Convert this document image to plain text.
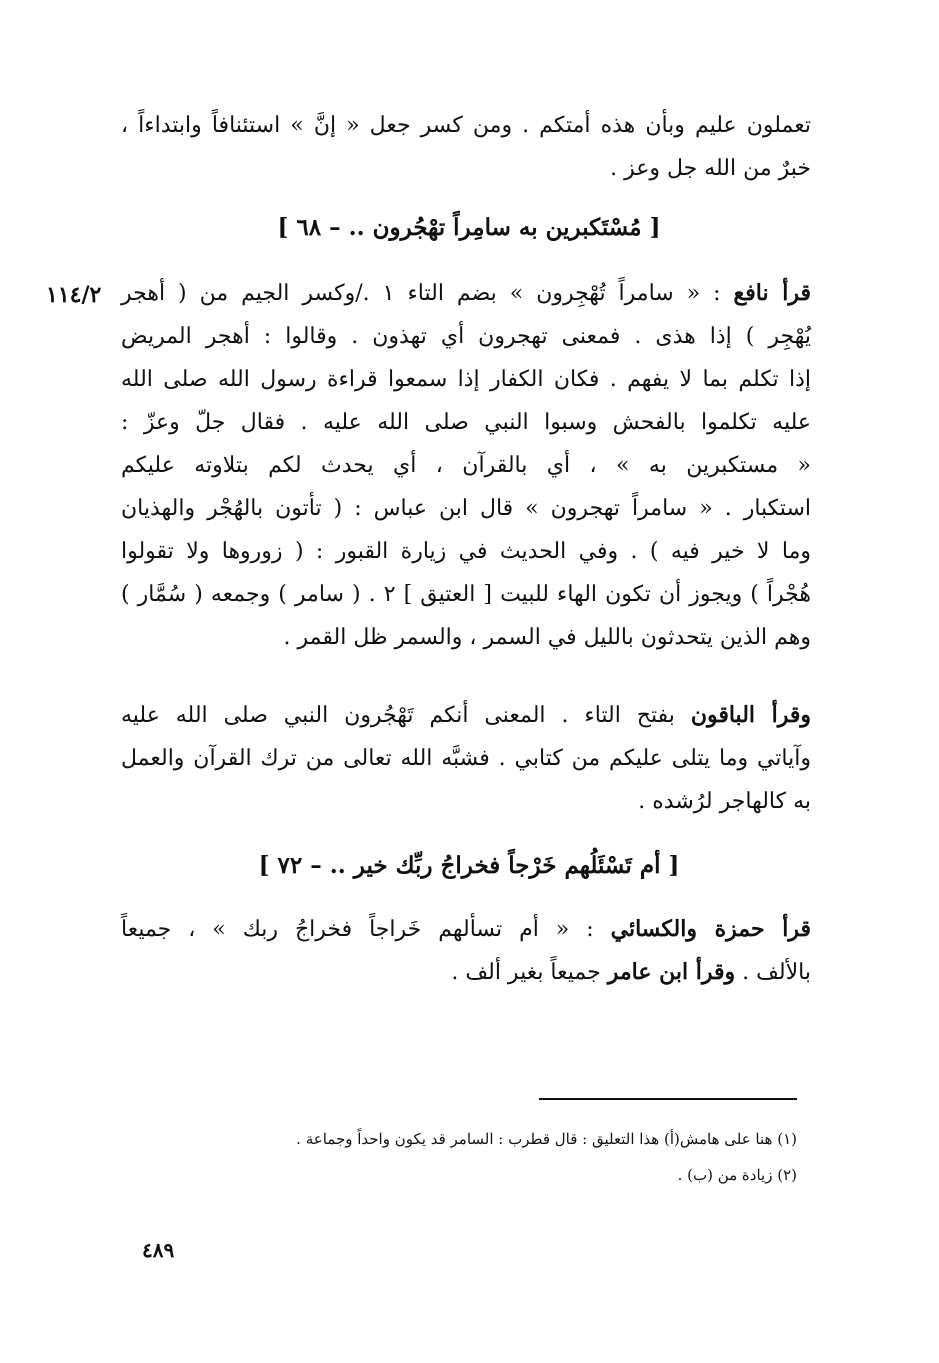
تعملون عليم وبأن هذه أمتكم . ومن كسر جعل « إنَّ » استئنافاً وابتداءاً ،
خبرٌ من الله جل وعز .
[ مُسْتَكبرين به سامِراً تهْجُرون .. – ٦٨ ]
١١٤/٢	قرأ نافع : « سامراً تُهْجِرون » بضم التاء ١ ./وكسر الجيم من ( أهجر
يُهْجِر ) إذا هذى . فمعنى تهجرون أي تهذون . وقالوا : أهجر المريض
إذا تكلم بما لا يفهم . فكان الكفار إذا سمعوا قراءة رسول الله صلى الله
عليه تكلموا بالفحش وسبوا النبي صلى الله عليه . فقال جلّ وعزّ :
« مستكبرين به » ، أي بالقرآن ، أي يحدث لكم بتلاوته عليكم
استكبار . « سامراً تهجرون » قال ابن عباس : ( تأتون بالهُجْر والهذيان
وما لا خير فيه ) . وفي الحديث في زيارة القبور : ( زوروها ولا تقولوا
هُجْراً ) ويجوز أن تكون الهاء للبيت [ العتيق ] ٢ . ( سامر ) وجمعه ( سُمَّار )
وهم الذين يتحدثون بالليل في السمر ، والسمر ظل القمر .
وقرأ الباقون بفتح التاء . المعنى أنكم تَهْجُرون النبي صلى الله عليه
وآياتي وما يتلى عليكم من كتابي . فشبَّه الله تعالى من ترك القرآن والعمل
به كالهاجر لرُشده .
[ أم تَسْئَلُهم خَرْجاً فخراجُ ربِّك خير .. – ٧٢ ]
قرأ حمزة والكسائي : « أم تسألهم خَراجاً فخراجُ ربك » ، جميعاً
بالألف . وقرأ ابن عامر جميعاً بغير ألف .
(١) هنا على هامش(أ) هذا التعليق : قال قطرب : السامر قد يكون واحداً وجماعة .
(٢) زيادة من (ب) .
٤٨٩
